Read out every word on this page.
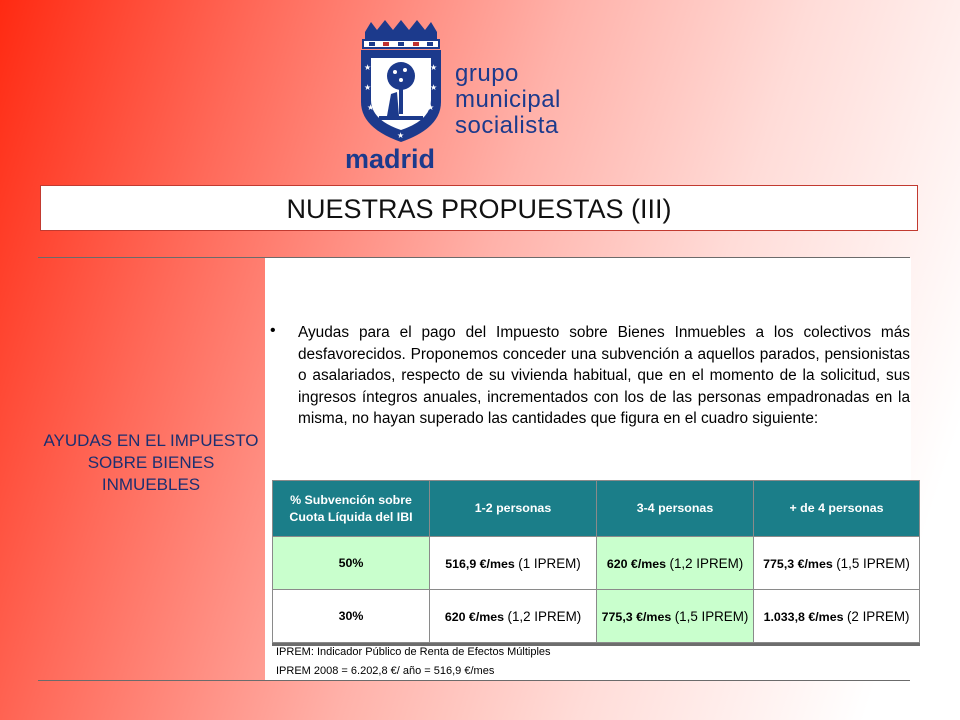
★	★
★	★
★	★
★
grupo
municipal
socialista
madrid
NUESTRAS PROPUESTAS (III)
AYUDAS EN EL IMPUESTO SOBRE BIENES INMUEBLES
• Ayudas para el pago del Impuesto sobre Bienes Inmuebles a los colectivos más desfavorecidos. Proponemos conceder una subvención a aquellos parados, pensionistas o asalariados, respecto de su vivienda habitual, que en el momento de la solicitud, sus ingresos íntegros anuales, incrementados con los de las personas empadronadas en la misma, no hayan superado las cantidades que figura en el cuadro siguiente:
% Subvención sobre Cuota Líquida del IBI	1-2 personas	3-4 personas	+ de 4 personas
50%	516,9 €/mes (1 IPREM)	620 €/mes (1,2 IPREM)	775,3 €/mes (1,5 IPREM)
30%	620 €/mes (1,2 IPREM)	775,3 €/mes (1,5 IPREM)	1.033,8 €/mes (2 IPREM)
IPREM: Indicador Público de Renta de Efectos Múltiples
IPREM 2008 = 6.202,8 €/ año = 516,9 €/mes
